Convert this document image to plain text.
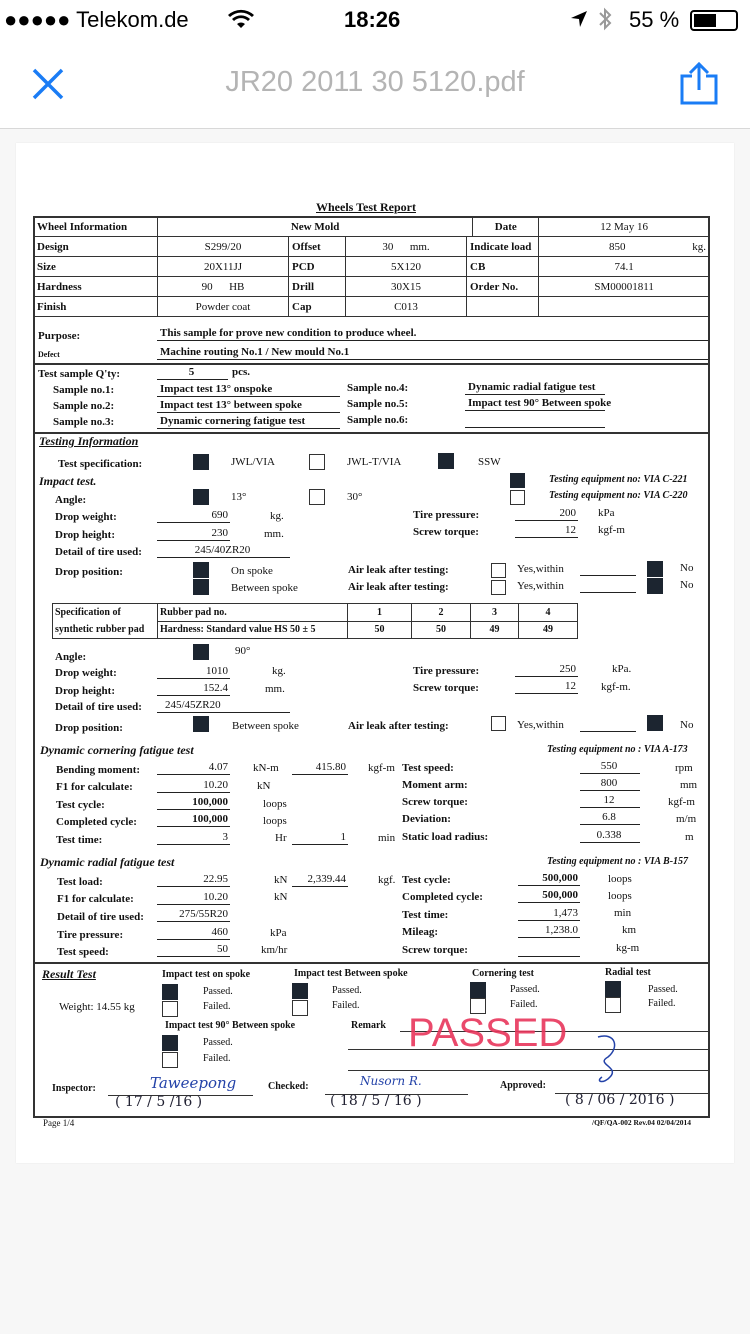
●●●●● Telekom.de	18:26	55 %
JR20 2011 30 5120.pdf
Wheels Test Report
Wheel Information	New Mold				Date	12 May 16
Design	S299/20	Offset	30      mm.	Indicate load		850 kg.

Size	20X11JJ	PCD	5X120	CB		74.1
Hardness	90      HB	Drill	30X15	Order No.		SM00001811
Finish	Powder coat	Cap	C013			
Purpose:	This sample for prove new condition to produce wheel.
Defect	Machine routing No.1 / New mould No.1
Test sample Q'ty:	5	pcs.
Sample no.1:	Impact test 13° onspoke
Sample no.2:	Impact test 13° between spoke
Sample no.3:	Dynamic cornering fatigue test
Sample no.4:	Dynamic radial fatigue test
Sample no.5:	Impact test 90° Between spoke
Sample no.6:
Testing Information
Test specification:	JWL/VIA	JWL-T/VIA	SSW
Impact test.	Testing equipment no: VIA C-221
Testing equipment no: VIA C-220
Angle:	13°	30°
Drop weight:	690	kg.
Drop height:	230	mm.
Detail of tire used:	245/40ZR20
Tire pressure:	200 kPa
Screw torque:	12 kgf-m
Drop position:	On spoke
Between spoke
Air leak after testing:
Air leak after testing:
Yes,within	No
Yes,within	No
Specification of
synthetic rubber pad	Rubber pad no.	1	2	3	4
	Hardness: Standard value HS 50 ± 5	50	50	49	49
Angle:	90°
Drop weight:	1010	kg.
Drop height:	152.4	mm.
Detail of tire used:	245/45ZR20
Tire pressure:	250	kPa.
Screw torque:	12 kgf-m.
Drop position:	Between spoke	Air leak after testing:	Yes,within	No
Dynamic cornering fatigue test	Testing equipment no : VIA A-173
Bending moment:	4.07 kN-m	415.80 kgf-m
F1 for calculate:	10.20	kN
Test cycle:	100,000	loops
Completed cycle:	100,000	loops
Test time:	3	Hr	1	min
Test speed:	550	rpm
Moment arm:	800	mm
Screw torque:	12	kgf-m
Deviation:	6.8	m/m
Static load radius:	0.338	m
Dynamic radial fatigue test	Testing equipment no : VIA B-157
Test load:	22.95	kN	2,339.44	kgf.
F1 for calculate:	10.20	kN
Detail of tire used:	275/55R20
Tire pressure:	460	kPa
Test speed:	50	km/hr
Test cycle:	500,000	loops
Completed cycle:	500,000	loops
Test time:	1,473	min
Mileag:	1,238.0	km
Screw torque:	kg-m
Result Test
Weight: 14.55 kg
Impact test on spoke
Passed.
Failed.
Impact test Between spoke
Passed.
Failed.
Cornering test
Passed.
Failed.
Radial test
Passed.
Failed.
Impact test 90° Between spoke
Passed.
Failed.
Remark PASSED
Inspector:	Taweepong
( 17 / 5 /16 )
Checked:	Nusorn R.
( 18 / 5 / 16 )
Approved:
( 8 / 06 / 2016 )
Page 1/4	/QF/QA-002 Rev.04 02/04/2014
